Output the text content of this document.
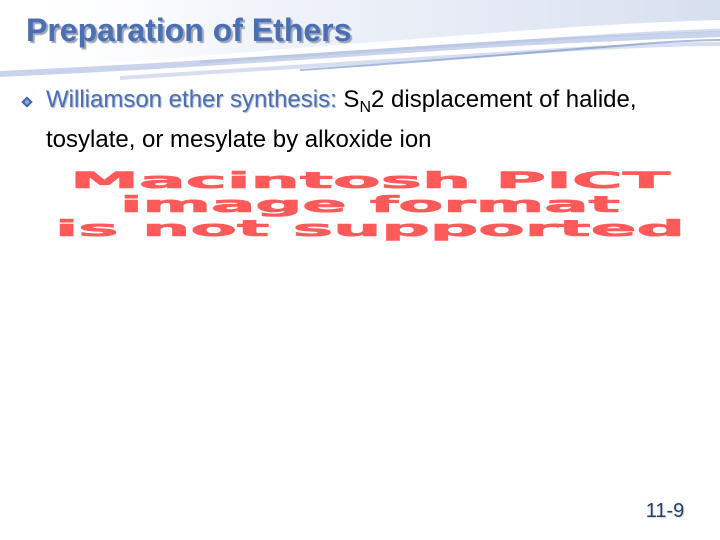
Preparation of Ethers
Williamson ether synthesis: $S_N2$ displacement of halide, tosylate, or mesylate by alkoxide ion
Macintosh PICT
image format
is not supported
11-9
